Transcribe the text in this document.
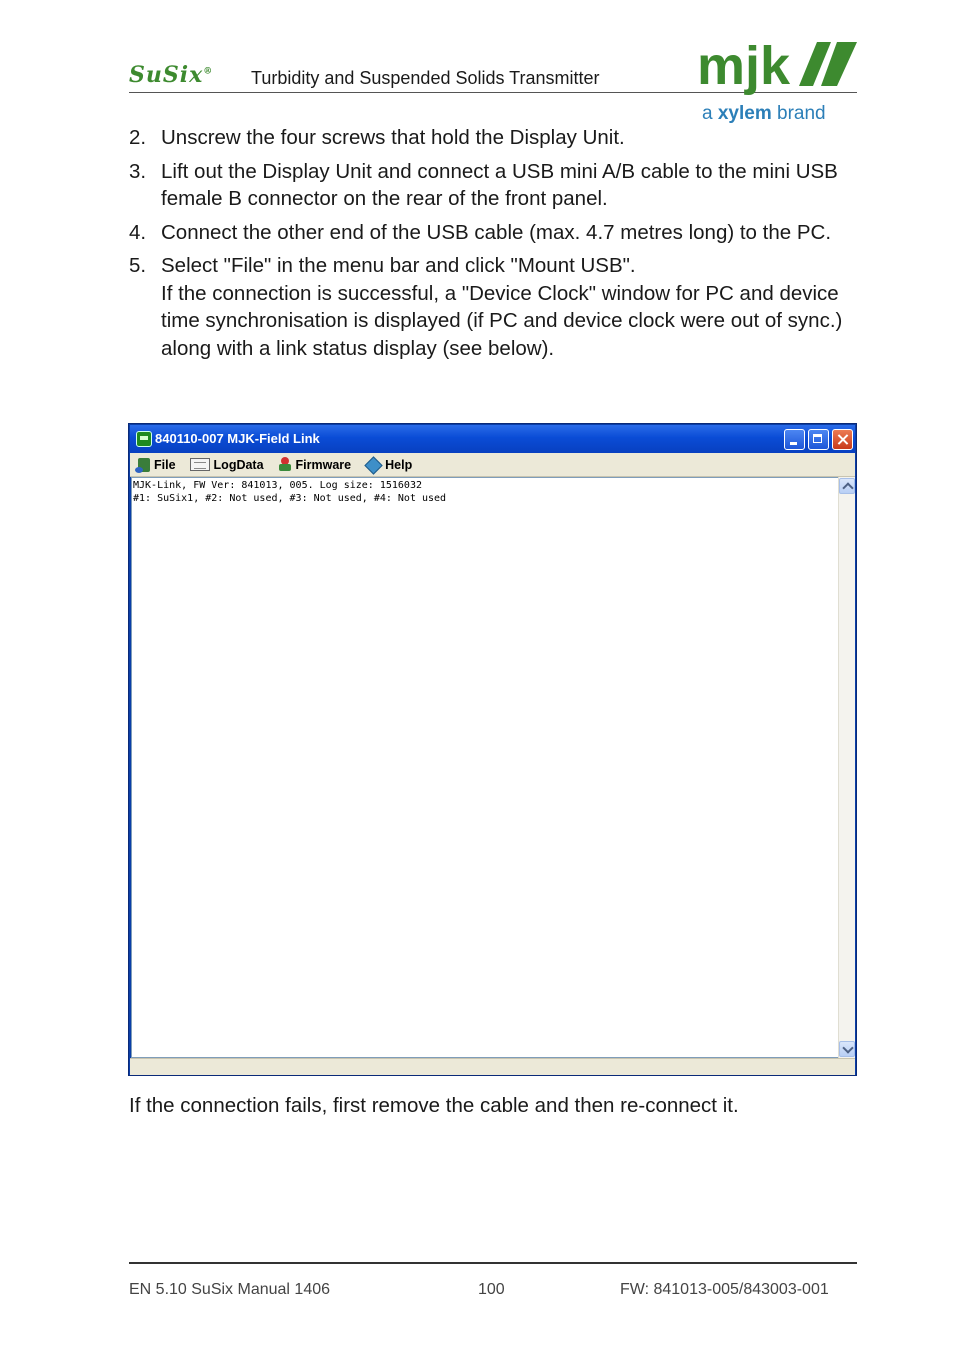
SuSix® Turbidity and Suspended Solids Transmitter mjk
a xylem brand
2. Unscrew the four screws that hold the Display Unit.
3. Lift out the Display Unit and connect a USB mini A/B cable to the mini USB female B connector on the rear of the front panel.
4. Connect the other end of the USB cable (max. 4.7 metres long) to the PC.
5. Select "File" in the menu bar and click "Mount USB".
If the connection is successful, a "Device Clock" window for PC and device time synchronisation is displayed (if PC and device clock were out of sync.) along with a link status display (see below).
840110-007 MJK-Field Link
File	LogData	Firmware	Help
MJK-Link, FW Ver: 841013, 005. Log size: 1516032
#1: SuSix1, #2: Not used, #3: Not used, #4: Not used
If the connection fails, first remove the cable and then re-connect it.
EN 5.10 SuSix Manual 1406	100	FW: 841013-005/843003-001
